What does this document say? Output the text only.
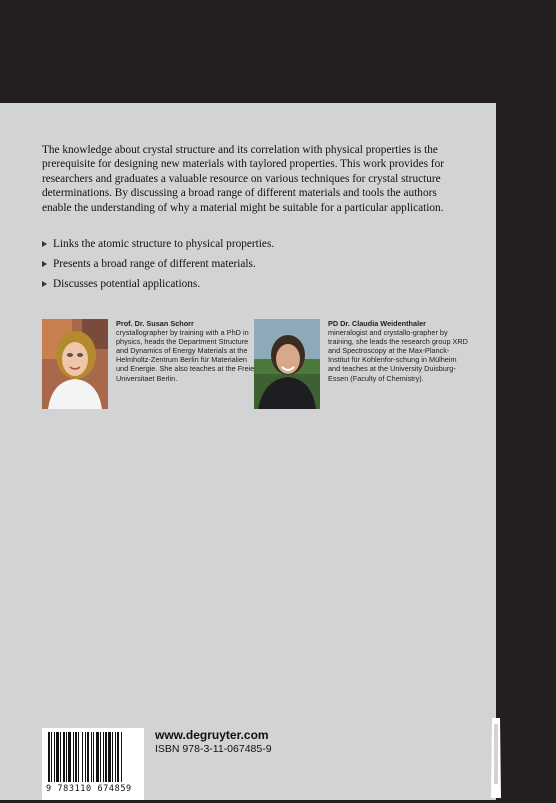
The knowledge about crystal structure and its correlation with physical properties is the prerequisite for designing new materials with taylored properties. This work provides for researchers and graduates a valuable resource on various techniques for crystal structure determinations. By discussing a broad range of different materials and tools the authors enable the understanding of why a material might be suitable for a particular application.

Links the atomic structure to physical properties.
Presents a broad range of different materials.
Discusses potential applications.
Prof. Dr. Susan Schorr
crystallographer by training with a PhD in physics, heads the Department Structure and Dynamics of Energy Materials at the Helmholtz-Zentrum Berlin für Materialien und Energie. She also teaches at the Freie Universitaet Berlin.
PD Dr. Claudia Weidenthaler
mineralogist and crystallo-grapher by training, she leads the research group XRD and Spectroscopy at the Max-Planck-Institut für Kohlenfor-schung in Mülheim and teaches at the University Duisburg-Essen (Faculty of Chemistry).
9 783110 674859
www.degruyter.com
ISBN 978-3-11-067485-9
